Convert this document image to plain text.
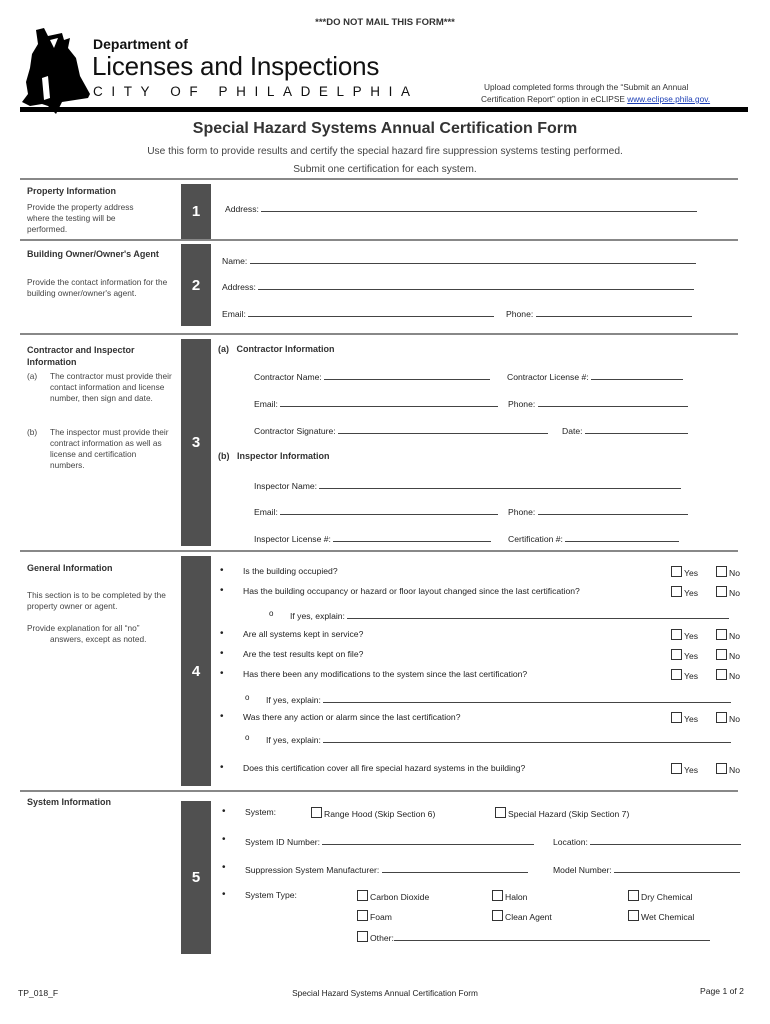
***DO NOT MAIL THIS FORM***
Department of
Licenses and Inspections
CITY OF PHILADELPHIA	Upload completed forms through the “Submit an Annual
Certification Report” option in eCLIPSE www.eclipse.phila.gov.
Special Hazard Systems Annual Certification Form
Use this form to provide results and certify the special hazard fire suppression systems testing performed.
Submit one certification for each system.
Property Information
Provide the property address where the testing will be performed.
1	Address:
Building Owner/Owner's Agent
Provide the contact information for the building owner/owner's agent.	2
Name:
Address:
Email:	Phone:
Contractor and Inspector Information
(a) The contractor must provide their contact information and license number, then sign and date.
(b) The inspector must provide their contract information as well as license and certification numbers.
3
(a) Contractor Information
Contractor Name:	Contractor License #:
Email:	Phone:
Contractor Signature:	Date:
(b) Inspector Information
Inspector Name:
Email:	Phone:
Inspector License #:	Certification #:
General Information
This section is to be completed by the property owner or agent.
Provide explanation for all “no”
answers, except as noted.
4
• Is the building occupied?	Yes	No
• Has the building occupancy or hazard or floor layout changed since the last certification?	Yes	No
o If yes, explain:
• Are all systems kept in service?	Yes	No
• Are the test results kept on file?	Yes	No
• Has there been any modifications to the system since the last certification?	Yes	No
o If yes, explain:
• Was there any action or alarm since the last certification?	Yes	No
o If yes, explain:
• Does this certification cover all fire special hazard systems in the building?	Yes	No
System Information
5
• System:	Range Hood (Skip Section 6)	Special Hazard (Skip Section 7)
• System ID Number:	Location:
• Suppression System Manufacturer:	Model Number:
• System Type:	Carbon Dioxide	Halon	Dry Chemical
Foam	Clean Agent	Wet Chemical
Other:
TP_018_F	Special Hazard Systems Annual Certification Form	Page 1 of 2
